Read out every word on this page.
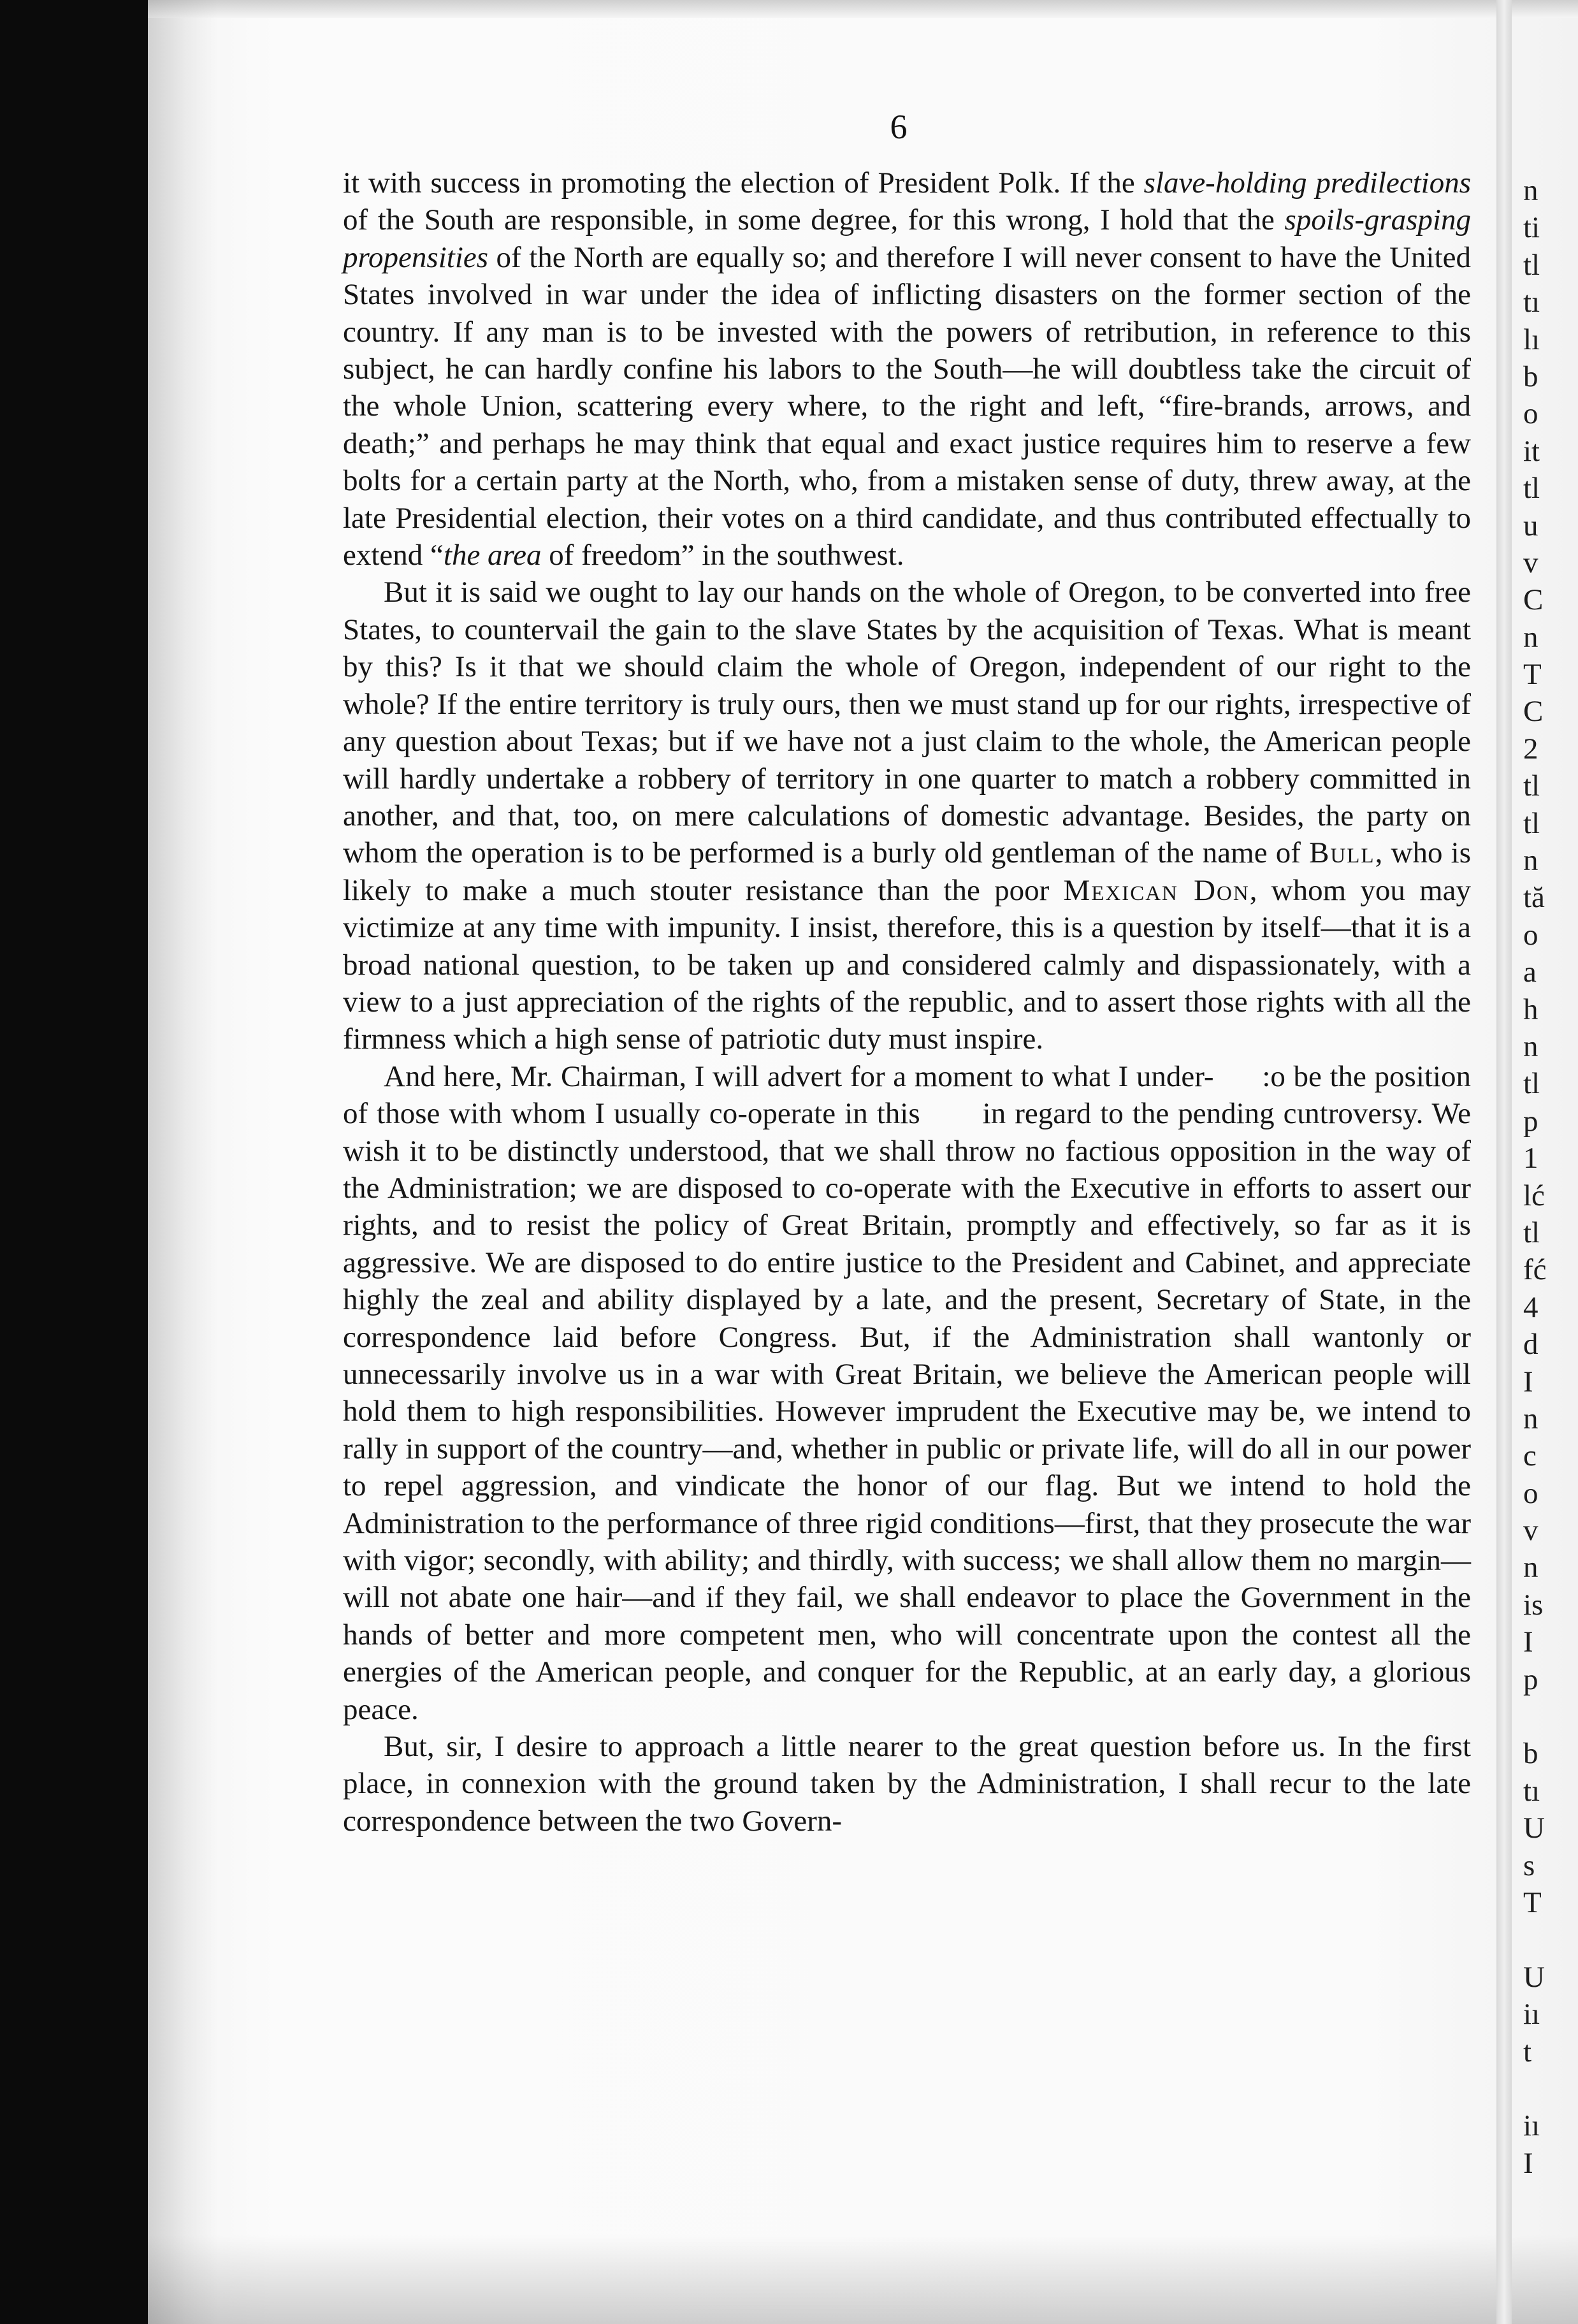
6

it with success in promoting the election of President Polk. If the slave-holding predilections of the South are responsible, in some degree, for this wrong, I hold that the spoils-grasping propensities of the North are equally so; and therefore I will never consent to have the United States involved in war under the idea of inflicting disasters on the former section of the country. If any man is to be invested with the powers of retribution, in reference to this subject, he can hardly confine his labors to the South—he will doubtless take the circuit of the whole Union, scattering every where, to the right and left, “fire-brands, arrows, and death;” and perhaps he may think that equal and exact justice requires him to reserve a few bolts for a certain party at the North, who, from a mistaken sense of duty, threw away, at the late Presidential election, their votes on a third candidate, and thus contributed effectually to extend “the area of freedom” in the southwest.

But it is said we ought to lay our hands on the whole of Oregon, to be converted into free States, to countervail the gain to the slave States by the acquisition of Texas. What is meant by this? Is it that we should claim the whole of Oregon, independent of our right to the whole? If the entire territory is truly ours, then we must stand up for our rights, irrespective of any question about Texas; but if we have not a just claim to the whole, the American people will hardly undertake a robbery of territory in one quarter to match a robbery committed in another, and that, too, on mere calculations of domestic advantage. Besides, the party on whom the operation is to be performed is a burly old gentleman of the name of Bull, who is likely to make a much stouter resistance than the poor Mexican Don, whom you may victimize at any time with impunity. I insist, therefore, this is a question by itself—that it is a broad national question, to be taken up and considered calmly and dispassionately, with a view to a just appreciation of the rights of the republic, and to assert those rights with all the firmness which a high sense of patriotic duty must inspire.

And here, Mr. Chairman, I will advert for a moment to what I under-      :o be the position of those with whom I usually co-operate in this       in regard to the pending cɩntroversy. We wish it to be distinctly understood, that we shall throw no factious opposition in the way of the Administration; we are disposed to co-operate with the Executive in efforts to assert our rights, and to resist the policy of Great Britain, promptly and effectively, so far as it is aggressive. We are disposed to do entire justice to the President and Cabinet, and appreciate highly the zeal and ability displayed by a late, and the present, Secretary of State, in the correspondence laid before Congress. But, if the Administration shall wantonly or unnecessarily involve us in a war with Great Britain, we believe the American people will hold them to high responsibilities. However imprudent the Executive may be, we intend to rally in support of the country—and, whether in public or private life, will do all in our power to repel aggression, and vindicate the honor of our flag. But we intend to hold the Administration to the performance of three rigid conditions—first, that they prosecute the war with vigor; secondly, with ability; and thirdly, with success; we shall allow them no margin—will not abate one hair—and if they fail, we shall endeavor to place the Government in the hands of better and more competent men, who will concentrate upon the contest all the energies of the American people, and conquer for the Republic, at an early day, a glorious peace.

But, sir, I desire to approach a little nearer to the great question before us. In the first place, in connexion with the ground taken by the Administration, I shall recur to the late correspondence between the two Govern-

n
ti
tl
tı
lı
b
o
it
tl
u
v
C
n
T
C
2
tl
tl
n
tă
o
a
h
n
tl
p
1
lć
tl
fć
4
d
I
n
c
o
v
n
is
I
p
b
tı
U
s
T
U
iı
t
iı
I
